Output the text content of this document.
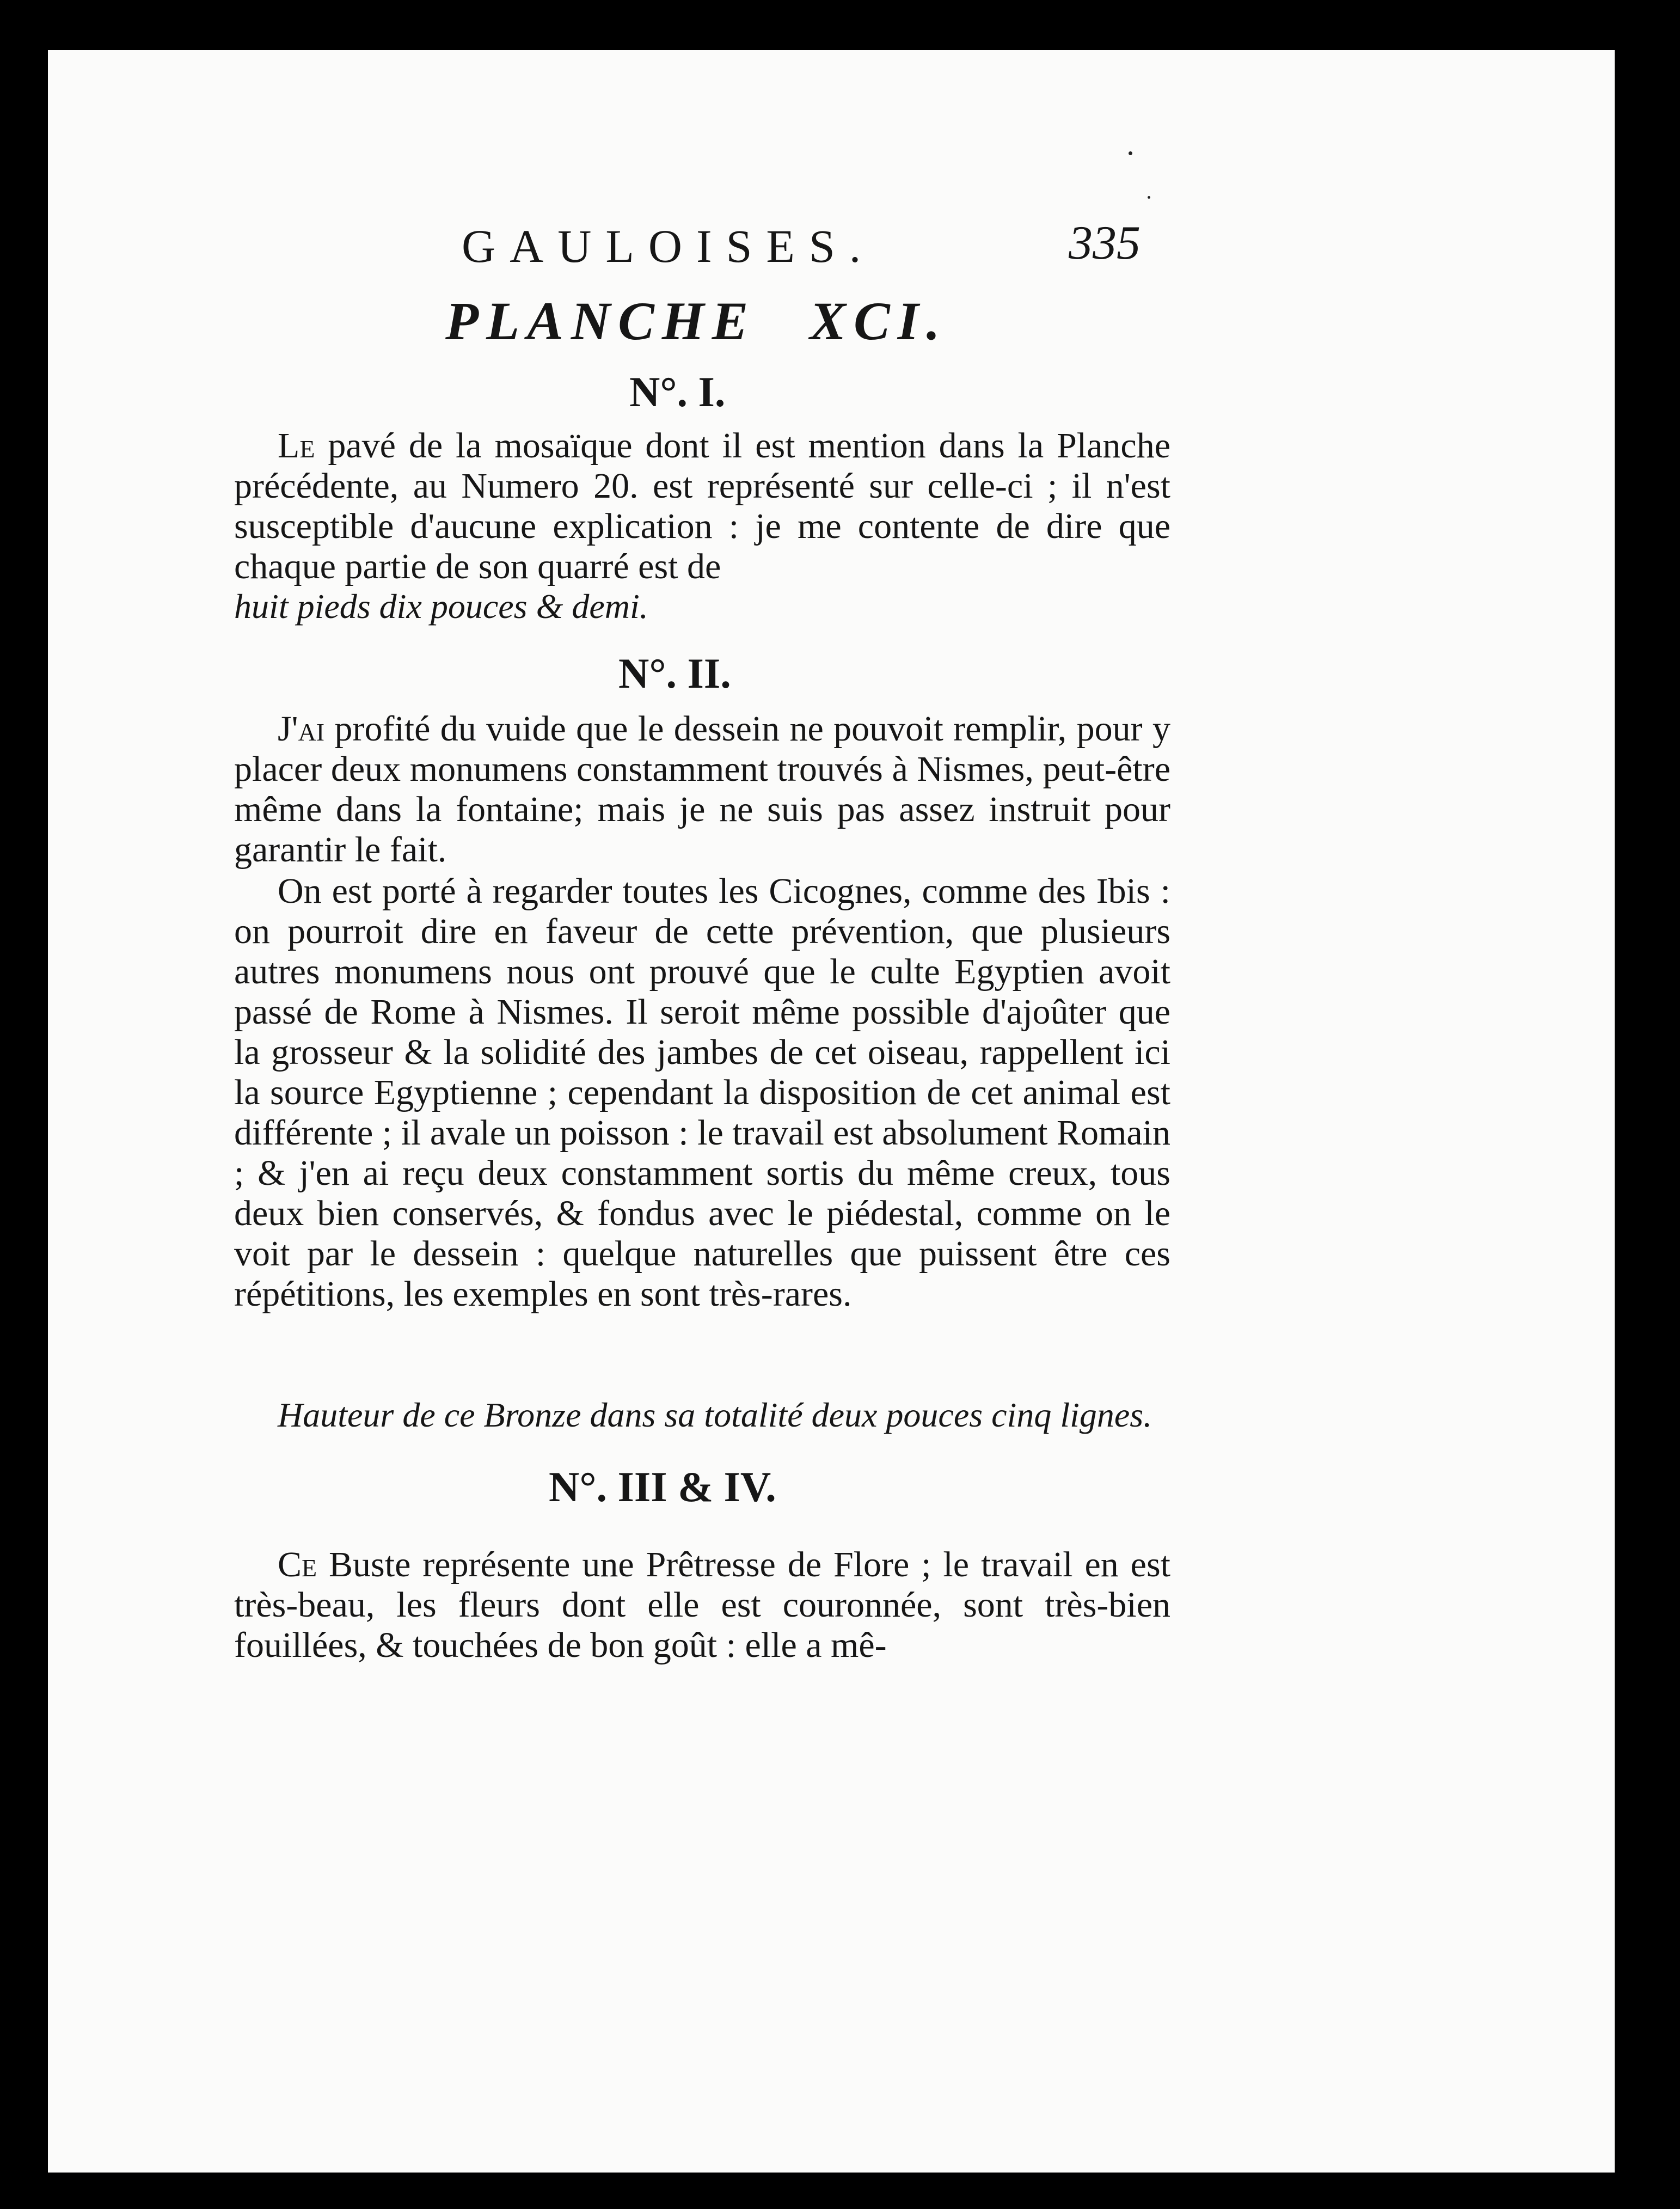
GAULOISES.	335
PLANCHE XCI.
N°. I.

Le pavé de la mosaïque dont il est mention dans la Planche précédente, au Numero 20. est représenté sur celle-ci ; il n'est susceptible d'aucune explication : je me contente de dire que chaque partie de son quarré est de

huit pieds dix pouces & demi.

N°. II.

J'ai profité du vuide que le dessein ne pouvoit remplir, pour y placer deux monumens constamment trouvés à Nismes, peut-être même dans la fontaine; mais je ne suis pas assez instruit pour garantir le fait.

On est porté à regarder toutes les Cicognes, comme des Ibis : on pourroit dire en faveur de cette prévention, que plusieurs autres monumens nous ont prouvé que le culte Egyptien avoit passé de Rome à Nismes. Il seroit même possible d'ajoûter que la grosseur & la solidité des jambes de cet oiseau, rappellent ici la source Egyptienne ; cependant la disposition de cet animal est différente ; il avale un poisson : le travail est absolument Romain ; & j'en ai reçu deux constamment sortis du même creux, tous deux bien conservés, & fondus avec le piédestal, comme on le voit par le dessein : quelque naturelles que puissent être ces répétitions, les exemples en sont très-rares.

Hauteur de ce Bronze dans sa totalité deux pouces cinq lignes.

N°. III & IV.

Ce Buste représente une Prêtresse de Flore ; le travail en est très-beau, les fleurs dont elle est couronnée, sont très-bien fouillées, & touchées de bon goût : elle a mê-
